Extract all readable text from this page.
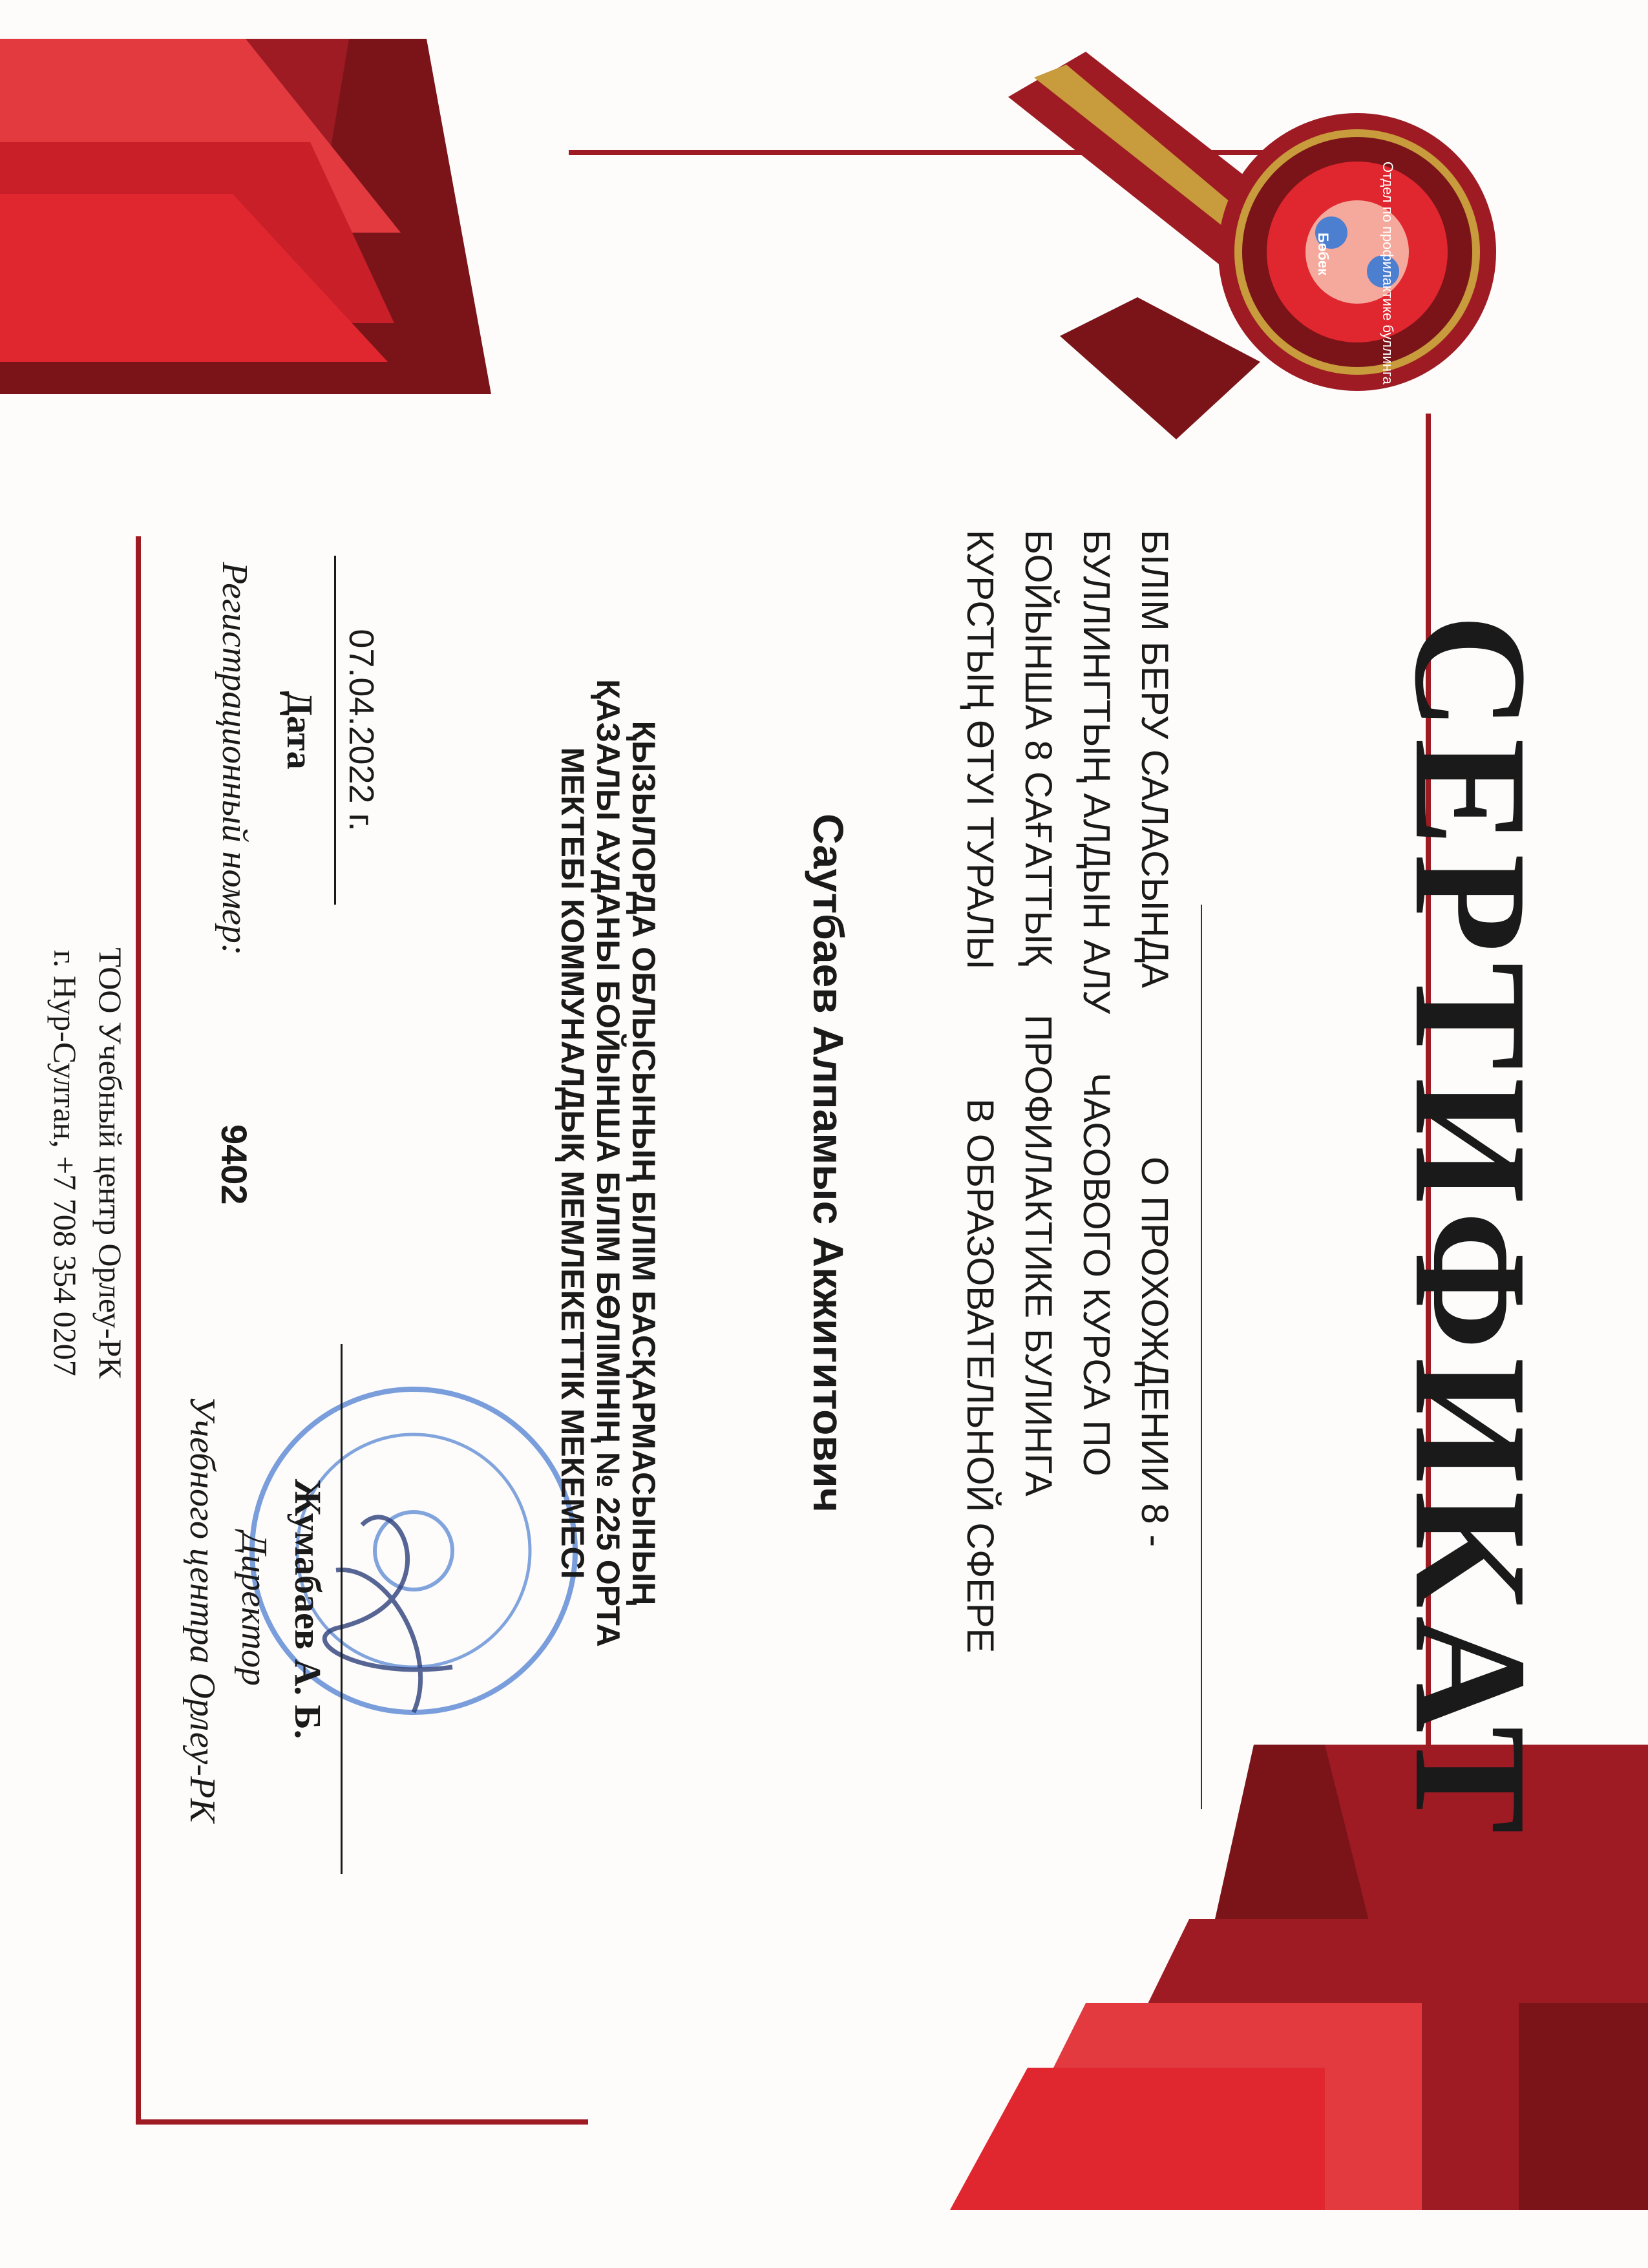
СЕРТИФИКАТ
БІЛІМ БЕРУ САЛАСЫНДА
БУЛЛИНГТЫҢ АЛДЫН АЛУ
БОЙЫНША 8 САҒАТТЫҚ
КУРСТЫҢ ӨТУІ ТУРАЛЫ
О ПРОХОЖДЕНИИ 8 -
ЧАСОВОГО КУРСА ПО
ПРОФИЛАКТИКЕ БУЛИНГА
В ОБРАЗОВАТЕЛЬНОЙ СФЕРЕ
Саутбаев Алпамыс Акжигитович
ҚЫЗЫЛОРДА ОБЛЫСЫНЫҢ БІЛІМ БАСҚАРМАСЫНЫҢ
ҚАЗАЛЫ АУДАНЫ БОЙЫНША БІЛІМ БӨЛІМІНІҢ № 225 ОРТА
МЕКТЕБІ КОММУНАЛДЫҚ МЕМЛЕКЕТТІК МЕКЕМЕСІ
07.04.2022 г.
Дата
Регистрационный номер:
9402
Жумабаев А. Б.
Директор
Учебного центра Орлеу-РК
ТОО Учебный центр Орлеу-РК
г. Нур-Султан, +7 708 354 0207
Отдел по профилактике буллинга
Бөбек
